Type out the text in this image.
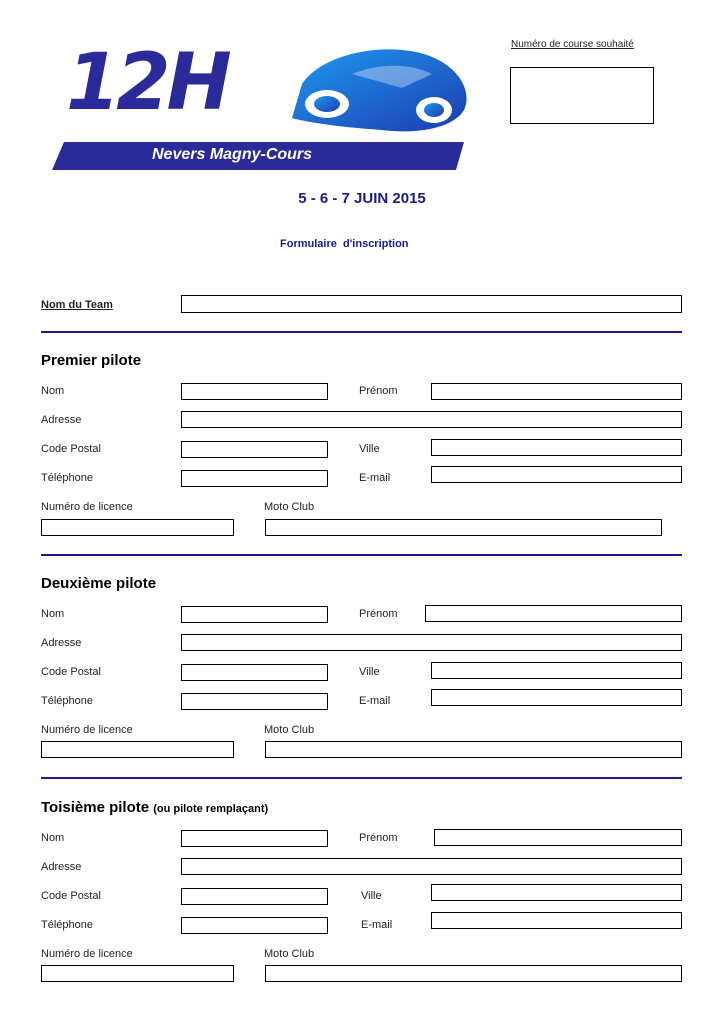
12H
Nevers Magny-Cours
Numéro de course souhaité
5 - 6 - 7 JUIN 2015
Formulaire  d'inscription
Nom du Team
Premier pilote
Nom	Prénom
Adresse
Code Postal	Ville
Téléphone	E-mail
Numéro de licence	Moto Club
Deuxième pilote
Nom	Prénom
Adresse
Code Postal	Ville
Téléphone	E-mail
Numéro de licence	Moto Club
Toisième pilote (ou pilote remplaçant)
Nom	Prénom
Adresse
Code Postal	Ville
Téléphone	E-mail
Numéro de licence	Moto Club
